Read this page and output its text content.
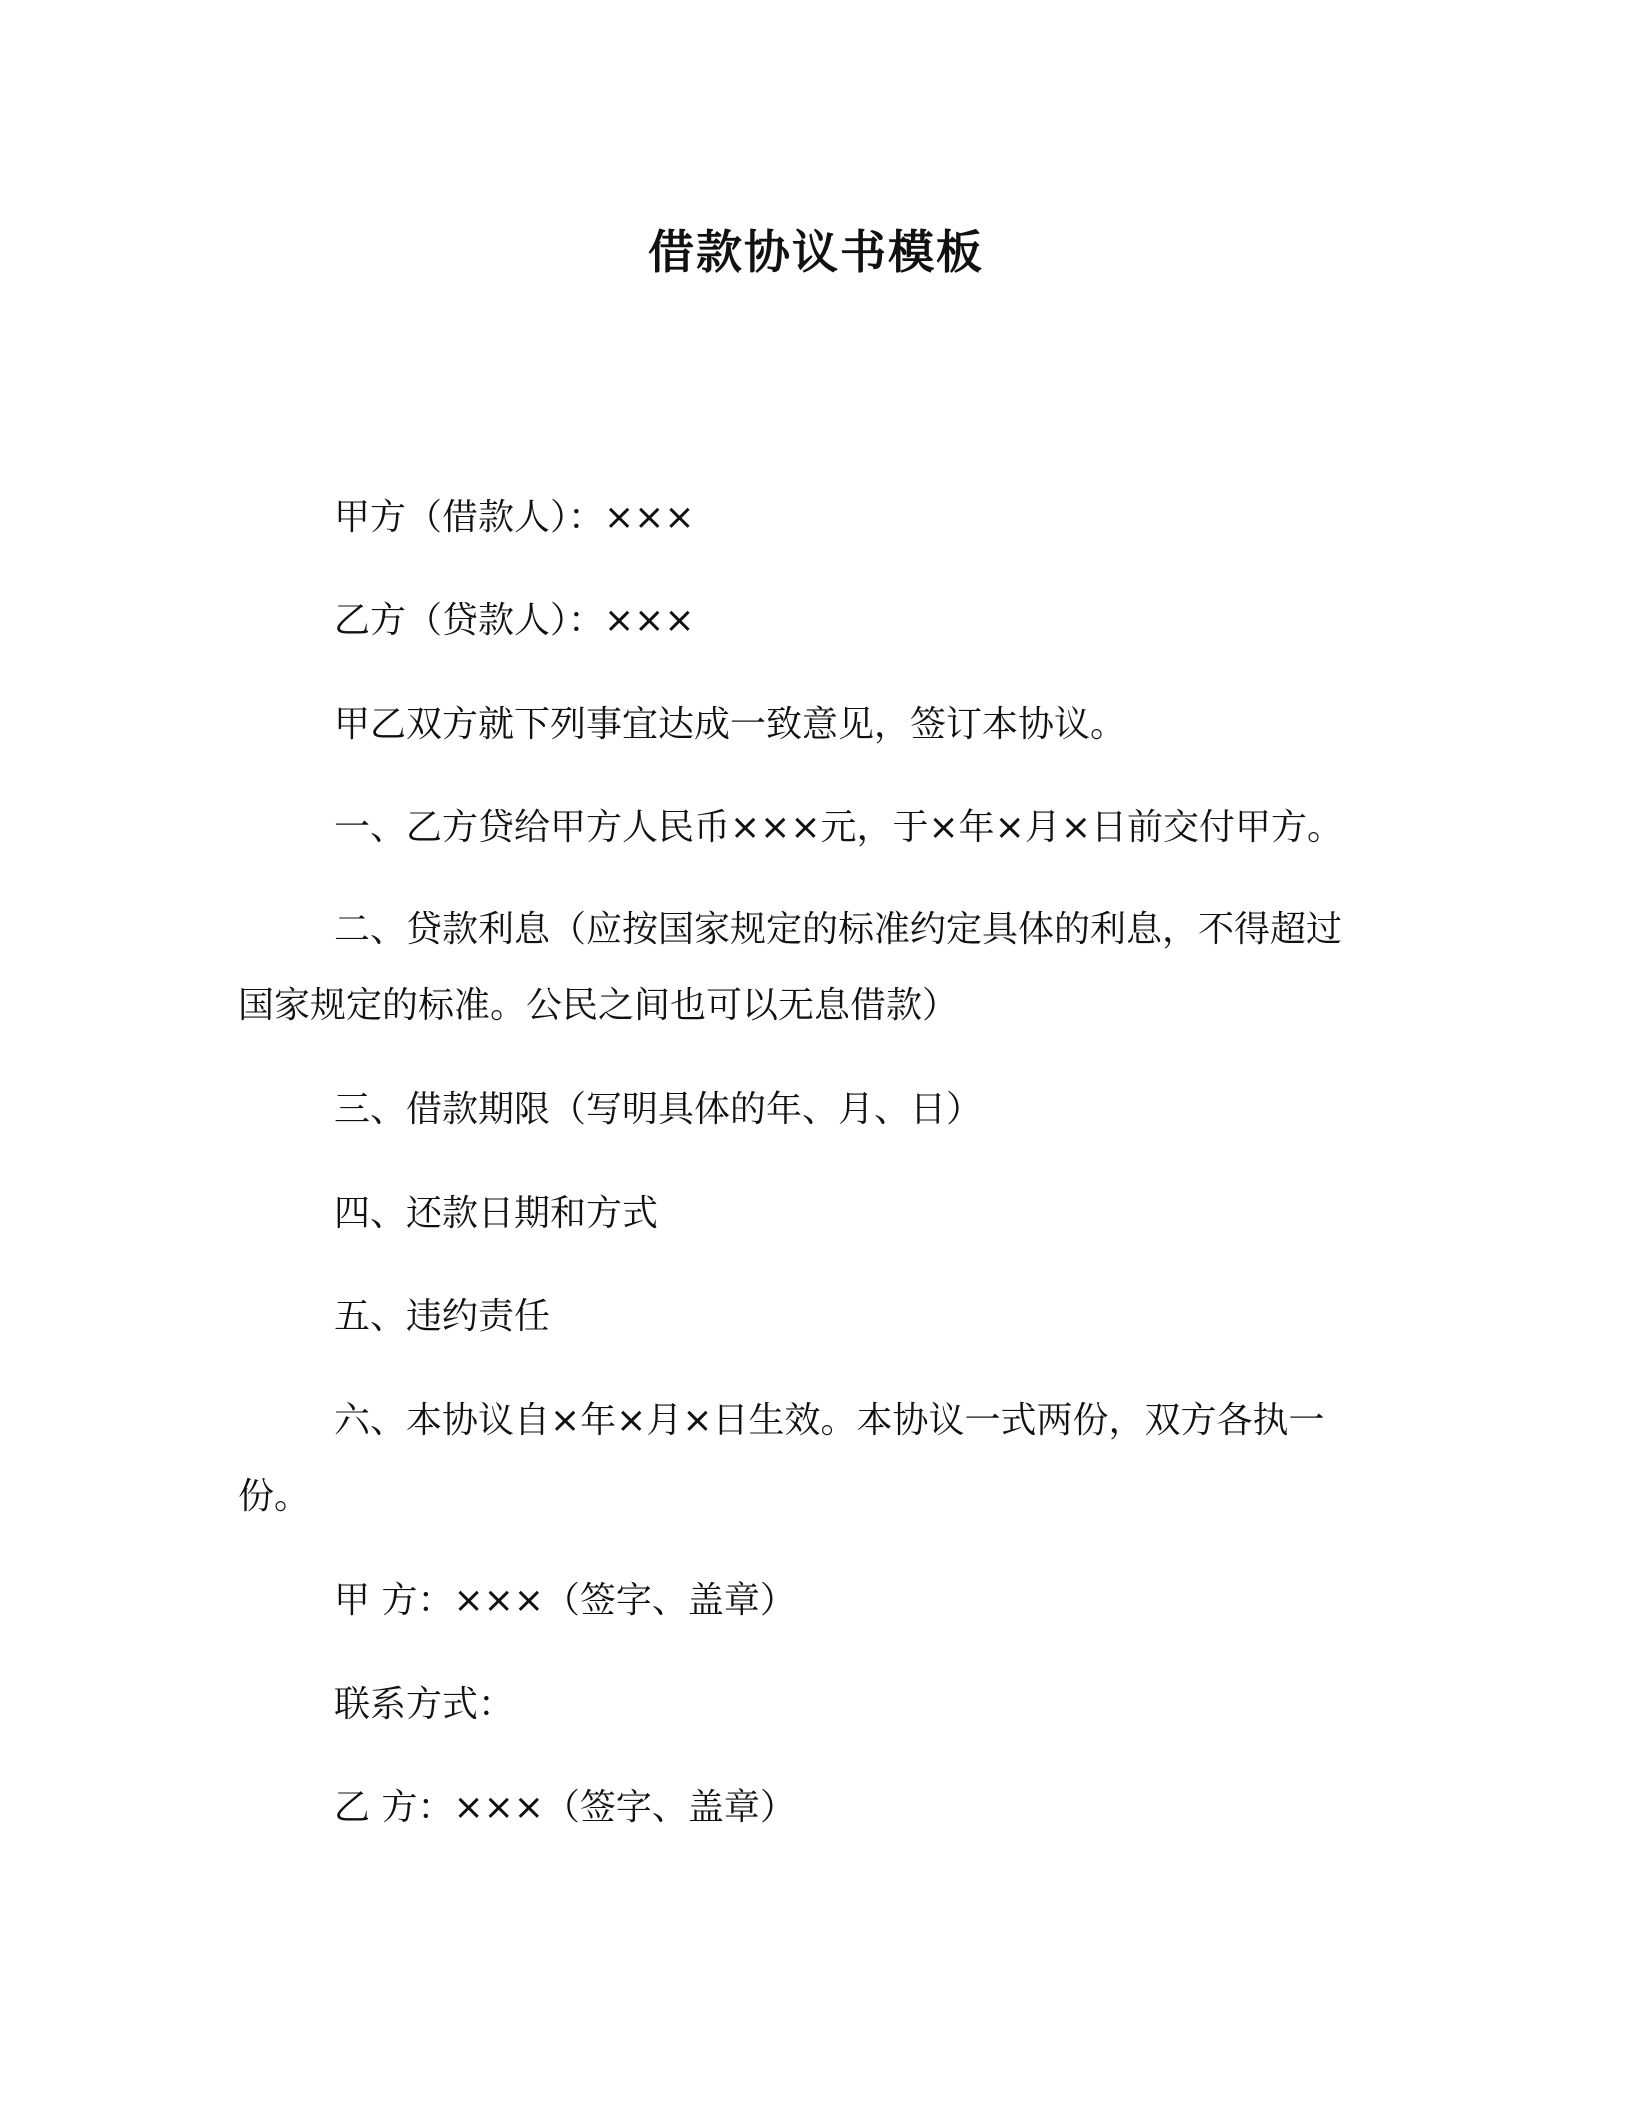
借款协议书模板

甲方（借款人）：×××

乙方（贷款人）：×××

甲乙双方就下列事宜达成一致意见，签订本协议。

一、乙方贷给甲方人民币×××元，于×年×月×日前交付甲方。

二、贷款利息（应按国家规定的标准约定具体的利息，不得超过

国家规定的标准。公民之间也可以无息借款）

三、借款期限（写明具体的年、月、日）

四、还款日期和方式

五、违约责任

六、本协议自×年×月×日生效。本协议一式两份，双方各执一

份。

甲 方：×××（签字、盖章）

联系方式：

乙 方：×××（签字、盖章）
